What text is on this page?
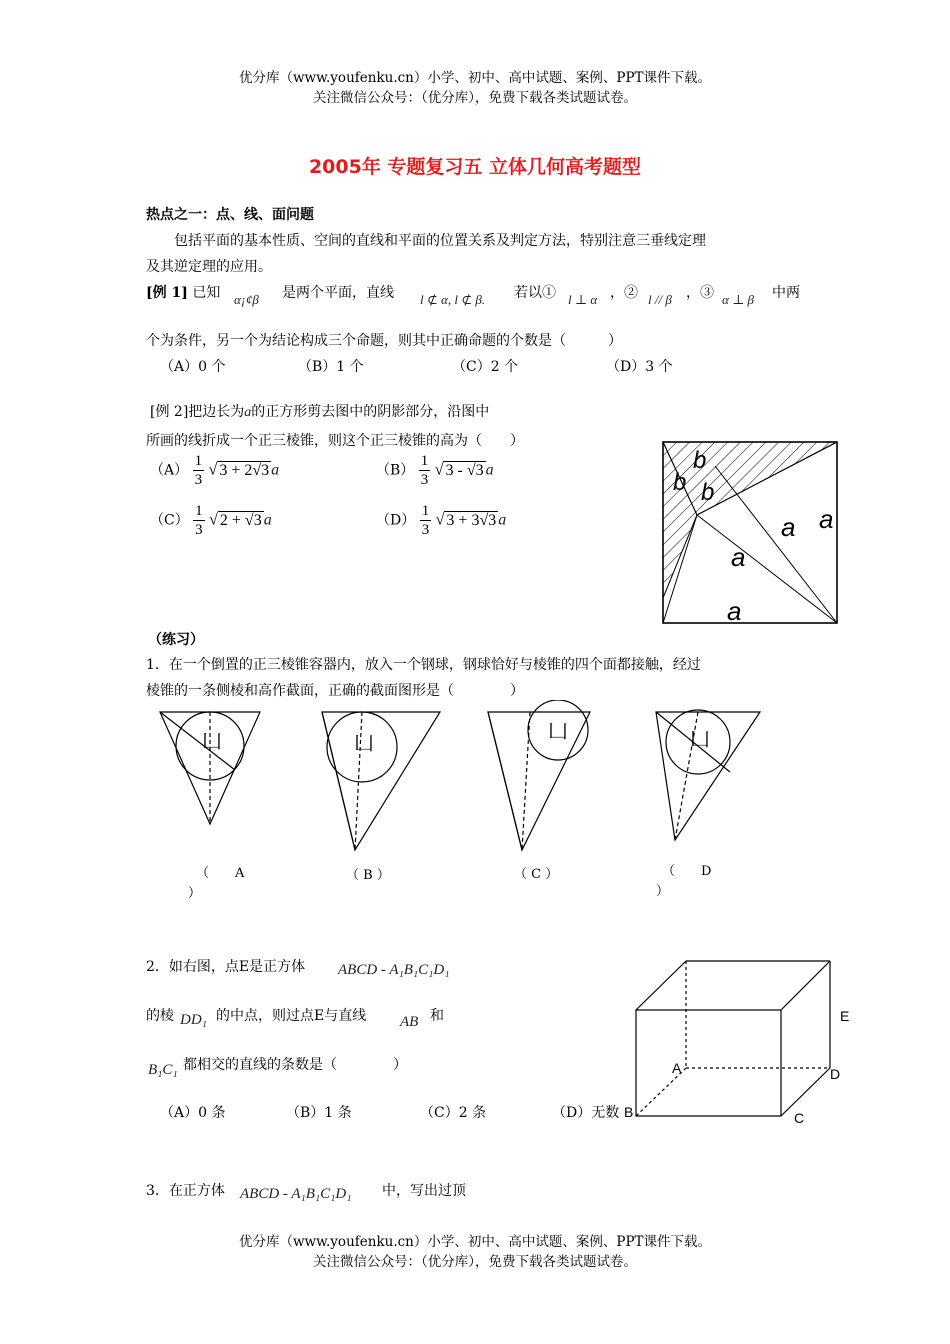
优分库（www.youfenku.cn）小学、初中、高中试题、案例、PPT课件下载。
关注微信公众号：（优分库），免费下载各类试题试卷。
2005年 专题复习五 立体几何高考题型
热点之一：点、线、面问题
包括平面的基本性质、空间的直线和平面的位置关系及判定方法，特别注意三垂线定理
及其逆定理的应用。
[例 1] 已知 α¡¢β 是两个平面，直线 l ⊄ α, l ⊄ β. 若以① l ⊥ α ，② l // β ，③ α ⊥ β 中两
个为条件，另一个为结论构成三个命题，则其中正确命题的个数是（　　　）
（A）0 个	（B）1 个	（C）2 个	（D）3 个
[例 2]把边长为a的正方形剪去图中的阴影部分，沿图中
所画的线折成一个正三棱锥，则这个正三棱锥的高为（　　）
$(A) \frac{1}{3}$ √ 3 + 2√3 a	$(B) \frac{1}{3}$ √ 3 - √3 a
$(C) \frac{1}{3}$ √ 2 + √3 a	$(D) \frac{1}{3}$ √ 3 + 3√3 a
b
b b
a a
a
a
（练习）
1．在一个倒置的正三棱锥容器内，放入一个钢球，钢球恰好与棱锥的四个面都接触，经过
棱锥的一条侧棱和高作截面，正确的截面图形是（　　　　）
凵	凵
凵	凵
（　　A
）
（ B ）	（ C ）	（　　D
）
2．如右图，点E是正方体 ABCD - A₁B₁C₁D₁
的棱 DD₁ 的中点，则过点E与直线 AB 和
B₁C₁ 都相交的直线的条数是（　　　　）
（A）0 条	（B）1 条	（C）2 条	（D）无数
E
A	D
B	C
3．在正方体 ABCD - A₁B₁C₁D₁ 中，写出过顶
优分库（www.youfenku.cn）小学、初中、高中试题、案例、PPT课件下载。
关注微信公众号：（优分库），免费下载各类试题试卷。
